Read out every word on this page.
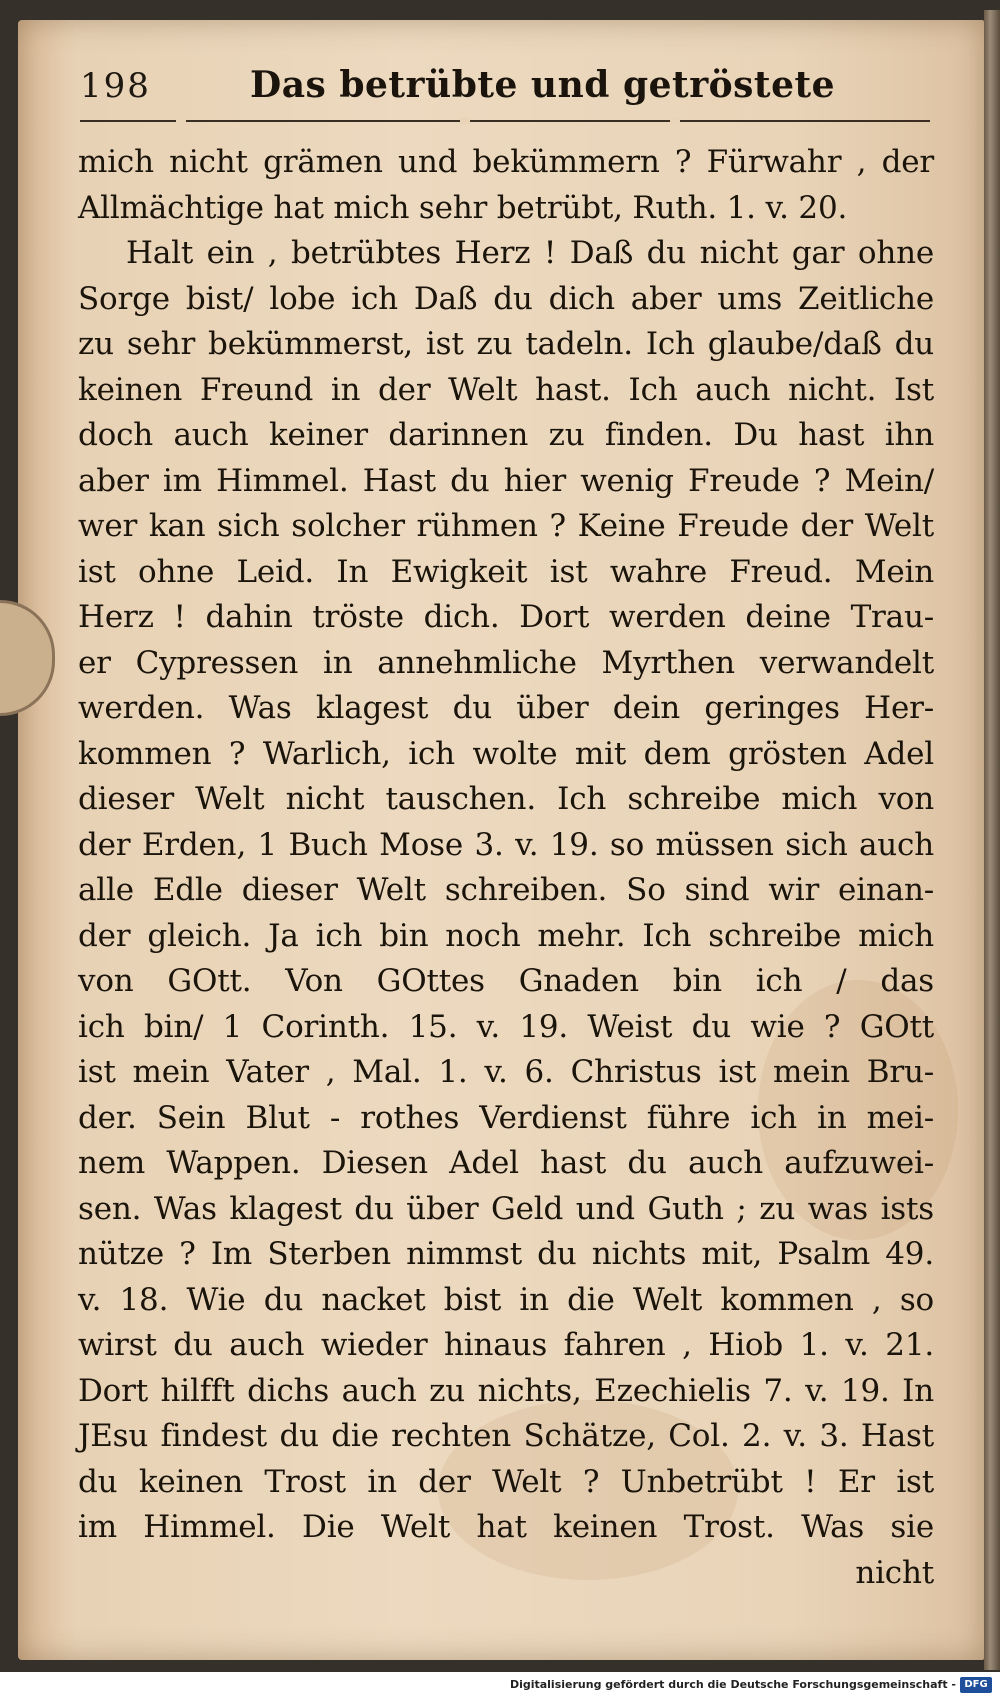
198	Das betrübte und getröstete
mich nicht grämen und bekümmern ? Fürwahr , der
Allmächtige hat mich sehr betrübt, Ruth. 1. v. 20.
Halt ein , betrübtes Herz ! Daß du nicht gar ohne
Sorge bist/ lobe ich Daß du dich aber ums Zeitliche
zu sehr bekümmerst, ist zu tadeln. Ich glaube/daß du
keinen Freund in der Welt hast. Ich auch nicht. Ist
doch auch keiner darinnen zu finden. Du hast ihn
aber im Himmel. Hast du hier wenig Freude ? Mein/
wer kan sich solcher rühmen ? Keine Freude der Welt
ist ohne Leid. In Ewigkeit ist wahre Freud. Mein
Herz ! dahin tröste dich. Dort werden deine Trau-
er Cypressen in annehmliche Myrthen verwandelt
werden. Was klagest du über dein geringes Her-
kommen ? Warlich, ich wolte mit dem grösten Adel
dieser Welt nicht tauschen. Ich schreibe mich von
der Erden, 1 Buch Mose 3. v. 19. so müssen sich auch
alle Edle dieser Welt schreiben. So sind wir einan-
der gleich. Ja ich bin noch mehr. Ich schreibe mich
von GOtt. Von GOttes Gnaden bin ich / das
ich bin/ 1 Corinth. 15. v. 19. Weist du wie ? GOtt
ist mein Vater , Mal. 1. v. 6. Christus ist mein Bru-
der. Sein Blut - rothes Verdienst führe ich in mei-
nem Wappen. Diesen Adel hast du auch aufzuwei-
sen. Was klagest du über Geld und Guth ; zu was ists
nütze ? Im Sterben nimmst du nichts mit, Psalm 49.
v. 18. Wie du nacket bist in die Welt kommen , so
wirst du auch wieder hinaus fahren , Hiob 1. v. 21.
Dort hilfft dichs auch zu nichts, Ezechielis 7. v. 19. In
JEsu findest du die rechten Schätze, Col. 2. v. 3. Hast
du keinen Trost in der Welt ? Unbetrübt ! Er ist
im Himmel. Die Welt hat keinen Trost. Was sie
nicht
Digitalisierung gefördert durch die Deutsche Forschungsgemeinschaft - DFG
